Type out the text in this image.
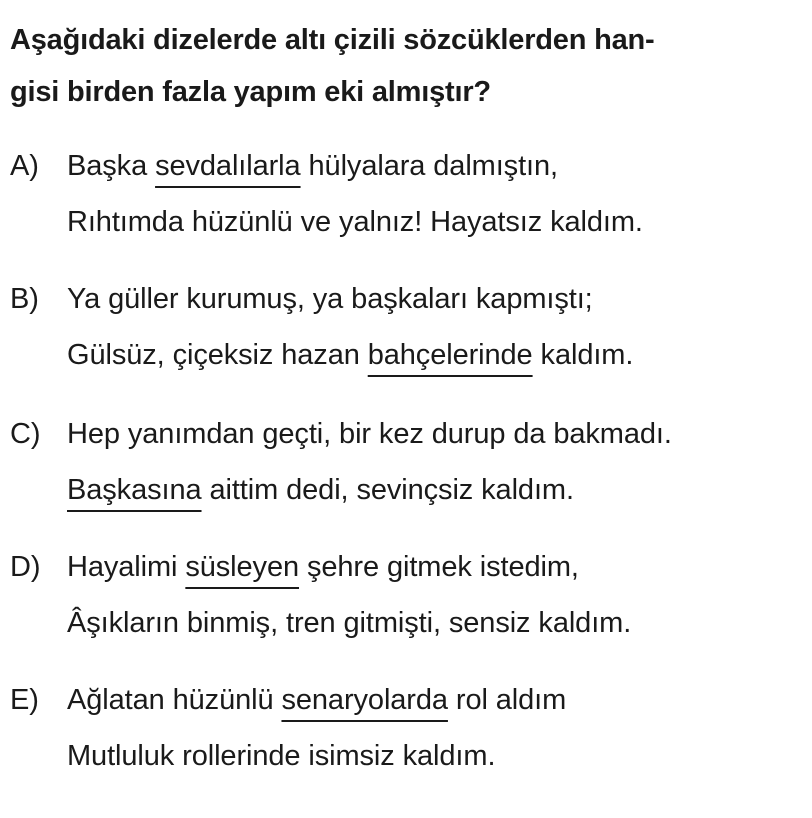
Aşağıdaki dizelerde altı çizili sözcüklerden han-
gisi birden fazla yapım eki almıştır?
A) Başka sevdalılarla hülyalara dalmıştın,
Rıhtımda hüzünlü ve yalnız! Hayatsız kaldım.
B) Ya güller kurumuş, ya başkaları kapmıştı;
Gülsüz, çiçeksiz hazan bahçelerinde kaldım.
C) Hep yanımdan geçti, bir kez durup da bakmadı.
Başkasına aittim dedi, sevinçsiz kaldım.
D) Hayalimi süsleyen şehre gitmek istedim,
Âşıkların binmiş, tren gitmişti, sensiz kaldım.
E) Ağlatan hüzünlü senaryolarda rol aldım
Mutluluk rollerinde isimsiz kaldım.
